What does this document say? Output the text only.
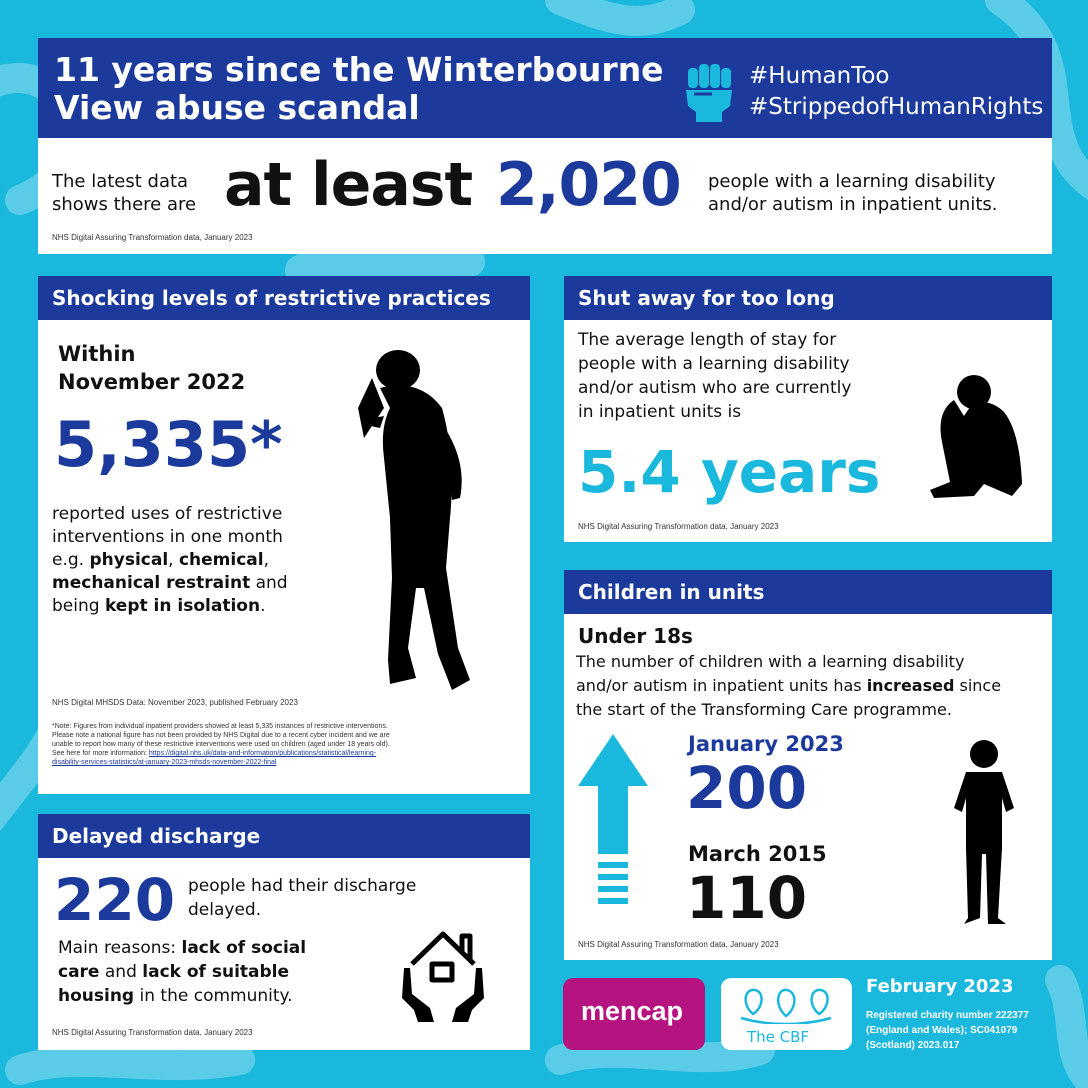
11 years since the Winterbourne
View abuse scandal
#HumanToo
#StrippedofHumanRights
The latest data
shows there are at least 2,020 people with a learning disability
and/or autism in inpatient units.
NHS Digital Assuring Transformation data, January 2023
Shocking levels of restrictive practices
Within
November 2022
5,335*
reported uses of restrictive
interventions in one month
e.g. physical, chemical,
mechanical restraint and
being kept in isolation.
NHS Digital MHSDS Data: November 2023, published February 2023
*Note: Figures from individual inpatient providers showed at least 5,335 instances of restrictive interventions.
Please note a national figure has not been provided by NHS Digital due to a recent cyber incident and we are
unable to report how many of these restrictive interventions were used on children (aged under 18 years old).
See here for more information: https://digital.nhs.uk/data-and-information/publications/statistical/learning-
disability-services-statistics/at-january-2023-mhsds-november-2022-final
Shut away for too long
The average length of stay for
people with a learning disability
and/or autism who are currently
in inpatient units is
5.4 years
NHS Digital Assuring Transformation data, January 2023
Children in units
Under 18s
The number of children with a learning disability
and/or autism in inpatient units has increased since
the start of the Transforming Care programme.
January 2023
200
March 2015
110
NHS Digital Assuring Transformation data, January 2023
Delayed discharge
220 people had their discharge
delayed.
Main reasons: lack of social
care and lack of suitable
housing in the community.
NHS Digital Assuring Transformation data, January 2023
mencap
The CBF
February 2023
Registered charity number 222377
(England and Wales); SC041079
(Scotland) 2023.017
